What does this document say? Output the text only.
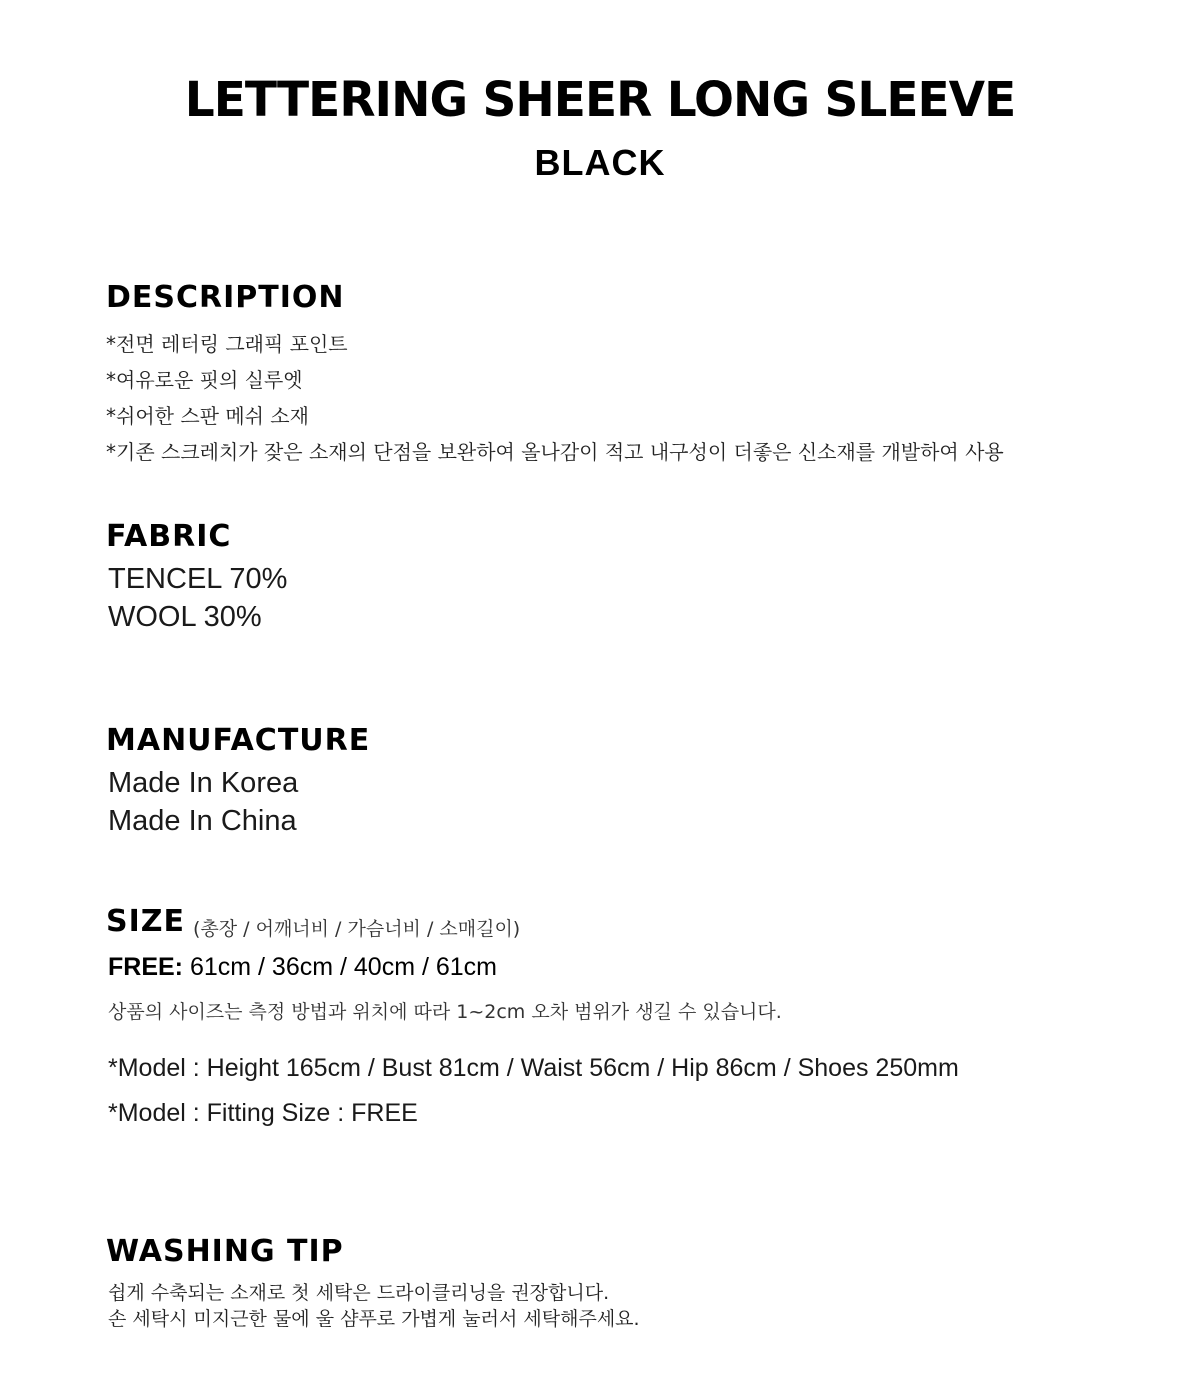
LETTERING SHEER LONG SLEEVE
BLACK
DESCRIPTION
*전면 레터링 그래픽 포인트
*여유로운 핏의 실루엣
*쉬어한 스판 메쉬 소재
*기존 스크레치가 잦은 소재의 단점을 보완하여 올나감이 적고 내구성이 더좋은 신소재를 개발하여 사용
FABRIC
TENCEL 70%
WOOL 30%
MANUFACTURE
Made In Korea
Made In China
SIZE (총장 / 어깨너비 / 가슴너비 / 소매길이)
FREE: 61cm / 36cm / 40cm / 61cm
상품의 사이즈는 측정 방법과 위치에 따라 1~2cm 오차 범위가 생길 수 있습니다.
*Model : Height 165cm / Bust 81cm / Waist 56cm / Hip 86cm / Shoes 250mm
*Model : Fitting Size : FREE
WASHING TIP
쉽게 수축되는 소재로 첫 세탁은 드라이클리닝을 권장합니다.
손 세탁시 미지근한 물에 울 샴푸로 가볍게 눌러서 세탁해주세요.
